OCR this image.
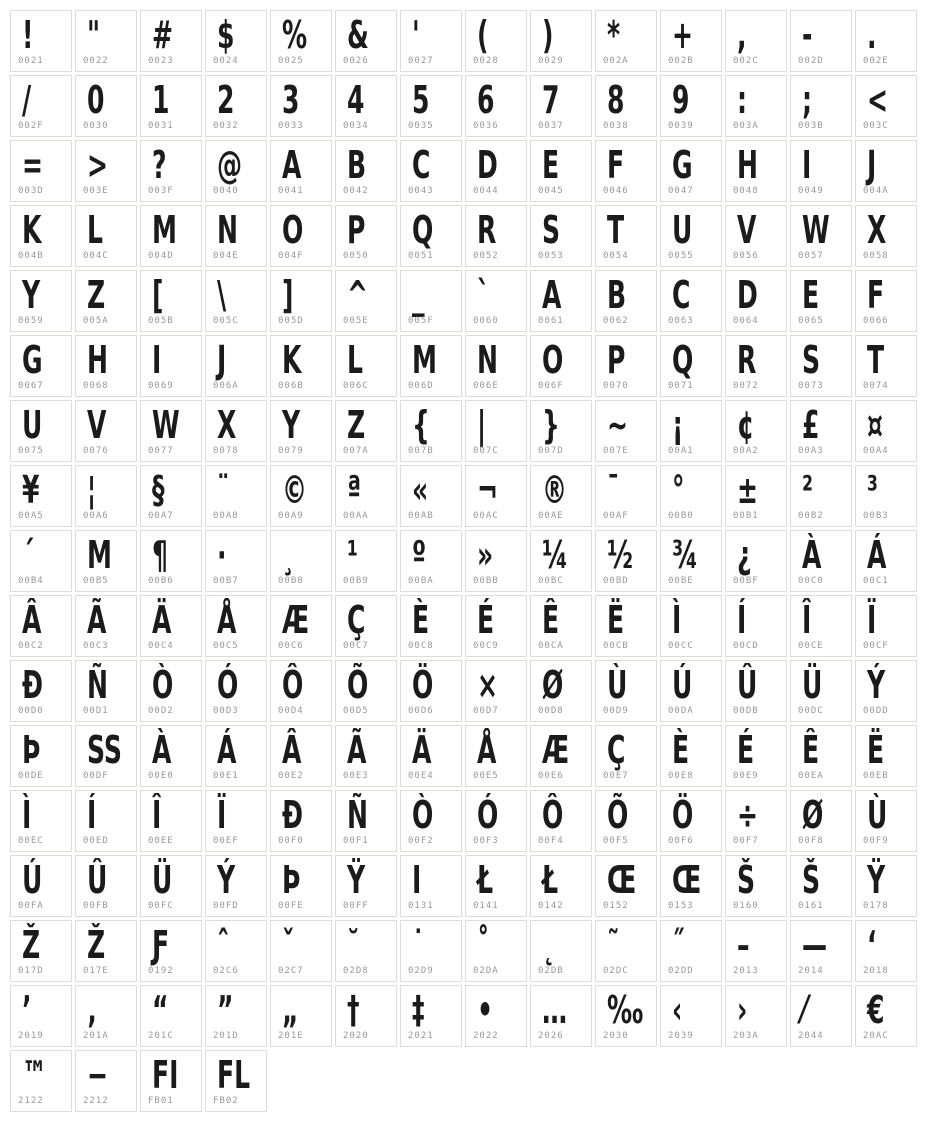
!
0021
"
0022
#
0023
$
0024
%
0025
&
0026
'
0027
(
0028
)
0029
*
002A
+
002B
,
002C
-
002D
.
002E
/
002F
0
0030
1
0031
2
0032
3
0033
4
0034
5
0035
6
0036
7
0037
8
0038
9
0039
:
003A
;
003B
<
003C
=
003D
>
003E
?
003F
@
0040
A
0041
B
0042
C
0043
D
0044
E
0045
F
0046
G
0047
H
0048
I
0049
J
004A
K
004B
L
004C
M
004D
N
004E
O
004F
P
0050
Q
0051
R
0052
S
0053
T
0054
U
0055
V
0056
W
0057
X
0058
Y
0059
Z
005A
[
005B
\
005C
]
005D
^
005E
_
005F
`
0060
A
0061
B
0062
C
0063
D
0064
E
0065
F
0066
G
0067
H
0068
I
0069
J
006A
K
006B
L
006C
M
006D
N
006E
O
006F
P
0070
Q
0071
R
0072
S
0073
T
0074
U
0075
V
0076
W
0077
X
0078
Y
0079
Z
007A
{
007B
|
007C
}
007D
~
007E
¡
00A1
¢
00A2
£
00A3
¤
00A4
¥
00A5
¦
00A6
§
00A7
¨
00A8
©
00A9
ª
00AA
«
00AB
¬
00AC
®
00AE
¯
00AF
°
00B0
±
00B1
²
00B2
³
00B3
´
00B4
Μ
00B5
¶
00B6
·
00B7
¸
00B8
¹
00B9
º
00BA
»
00BB
¼
00BC
½
00BD
¾
00BE
¿
00BF
À
00C0
Á
00C1
Â
00C2
Ã
00C3
Ä
00C4
Å
00C5
Æ
00C6
Ç
00C7
È
00C8
É
00C9
Ê
00CA
Ë
00CB
Ì
00CC
Í
00CD
Î
00CE
Ï
00CF
Ð
00D0
Ñ
00D1
Ò
00D2
Ó
00D3
Ô
00D4
Õ
00D5
Ö
00D6
×
00D7
Ø
00D8
Ù
00D9
Ú
00DA
Û
00DB
Ü
00DC
Ý
00DD
Þ
00DE
SS
00DF
À
00E0
Á
00E1
Â
00E2
Ã
00E3
Ä
00E4
Å
00E5
Æ
00E6
Ç
00E7
È
00E8
É
00E9
Ê
00EA
Ë
00EB
Ì
00EC
Í
00ED
Î
00EE
Ï
00EF
Ð
00F0
Ñ
00F1
Ò
00F2
Ó
00F3
Ô
00F4
Õ
00F5
Ö
00F6
÷
00F7
Ø
00F8
Ù
00F9
Ú
00FA
Û
00FB
Ü
00FC
Ý
00FD
Þ
00FE
Ÿ
00FF
I
0131
Ł
0141
Ł
0142
Œ
0152
Œ
0153
Š
0160
Š
0161
Ÿ
0178
Ž
017D
Ž
017E
Ƒ
0192
ˆ
02C6
ˇ
02C7
˘
02D8
˙
02D9
˚
02DA
˛
02DB
˜
02DC
˝
02DD
–
2013
—
2014
‘
2018
’
2019
‚
201A
“
201C
”
201D
„
201E
†
2020
‡
2021
•
2022
…
2026
‰
2030
‹
2039
›
203A
⁄
2044
€
20AC
™
2122
−
2212
FI
FB01
FL
FB02
